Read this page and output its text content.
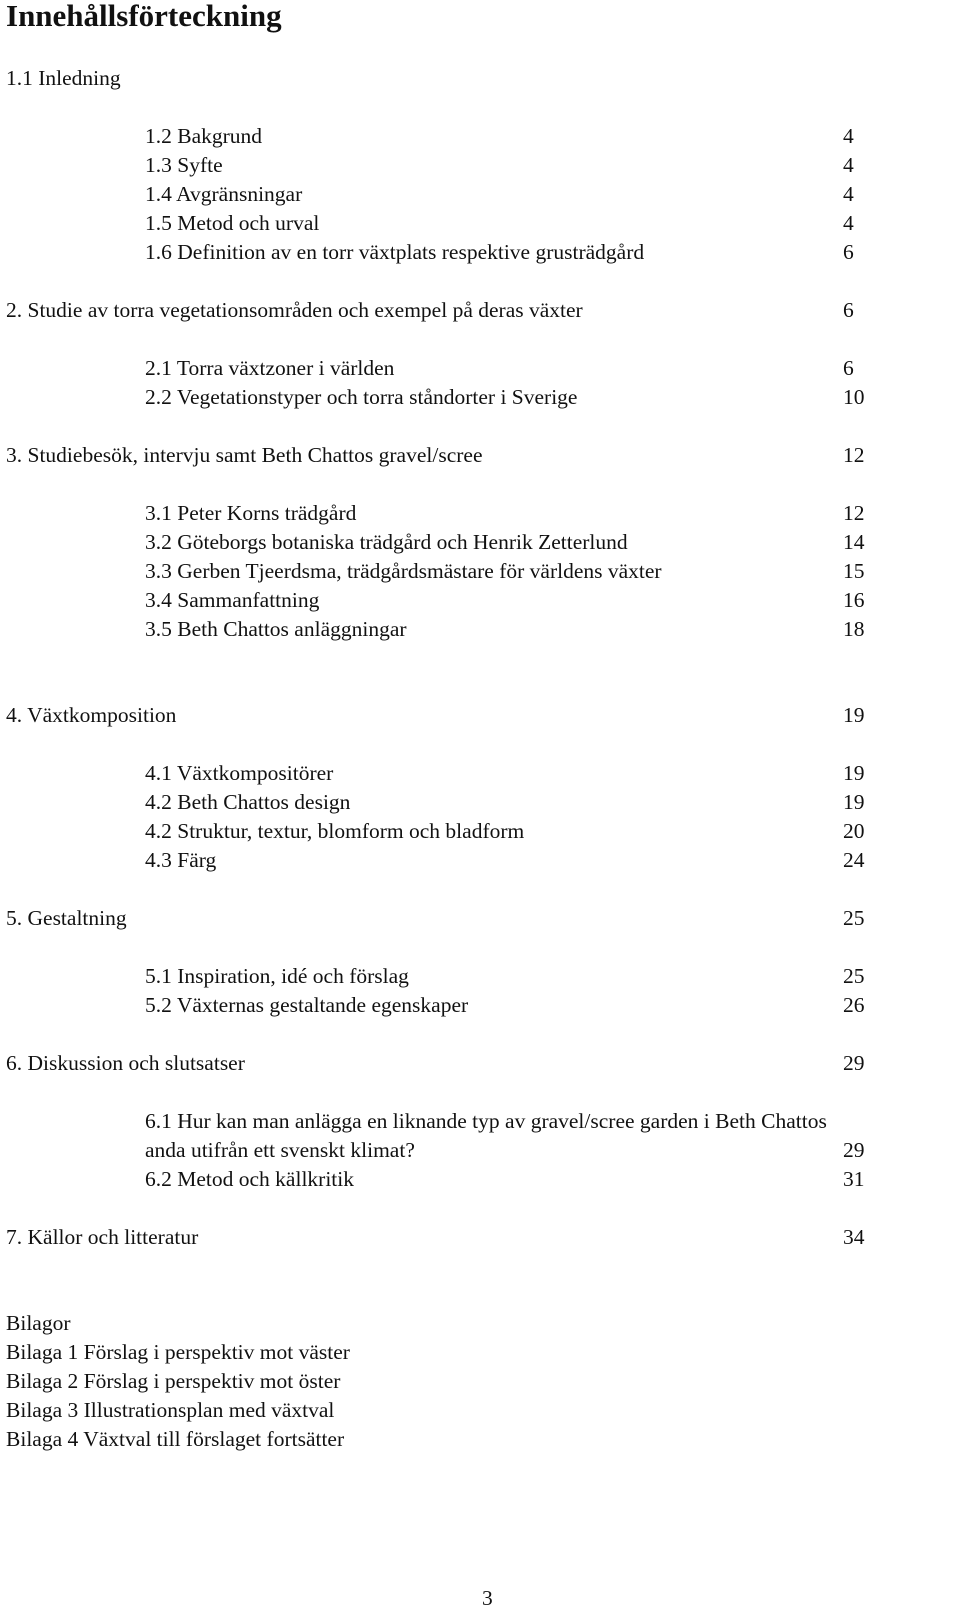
Innehållsförteckning
1.1 Inledning
1.2 Bakgrund	4
1.3 Syfte	4
1.4 Avgränsningar	4
1.5 Metod och urval	4
1.6 Definition av en torr växtplats respektive grusträdgård	6
2. Studie av torra vegetationsområden och exempel på deras växter	6
2.1 Torra växtzoner i världen	6
2.2 Vegetationstyper och torra ståndorter i Sverige	10
3. Studiebesök, intervju samt Beth Chattos gravel/scree	12
3.1 Peter Korns trädgård	12
3.2 Göteborgs botaniska trädgård och Henrik Zetterlund	14
3.3 Gerben Tjeerdsma, trädgårdsmästare för världens växter	15
3.4 Sammanfattning	16
3.5 Beth Chattos anläggningar	18
4. Växtkomposition	19
4.1 Växtkompositörer	19
4.2 Beth Chattos design	19
4.2 Struktur, textur, blomform och bladform	20
4.3 Färg	24
5. Gestaltning	25
5.1 Inspiration, idé och förslag	25
5.2 Växternas gestaltande egenskaper	26
6. Diskussion och slutsatser	29
6.1 Hur kan man anlägga en liknande typ av gravel/scree garden i Beth Chattos
anda utifrån ett svenskt klimat?	29
6.2 Metod och källkritik	31
7. Källor och litteratur	34
Bilagor
Bilaga 1 Förslag i perspektiv mot väster
Bilaga 2 Förslag i perspektiv mot öster
Bilaga 3 Illustrationsplan med växtval
Bilaga 4 Växtval till förslaget fortsätter
3
